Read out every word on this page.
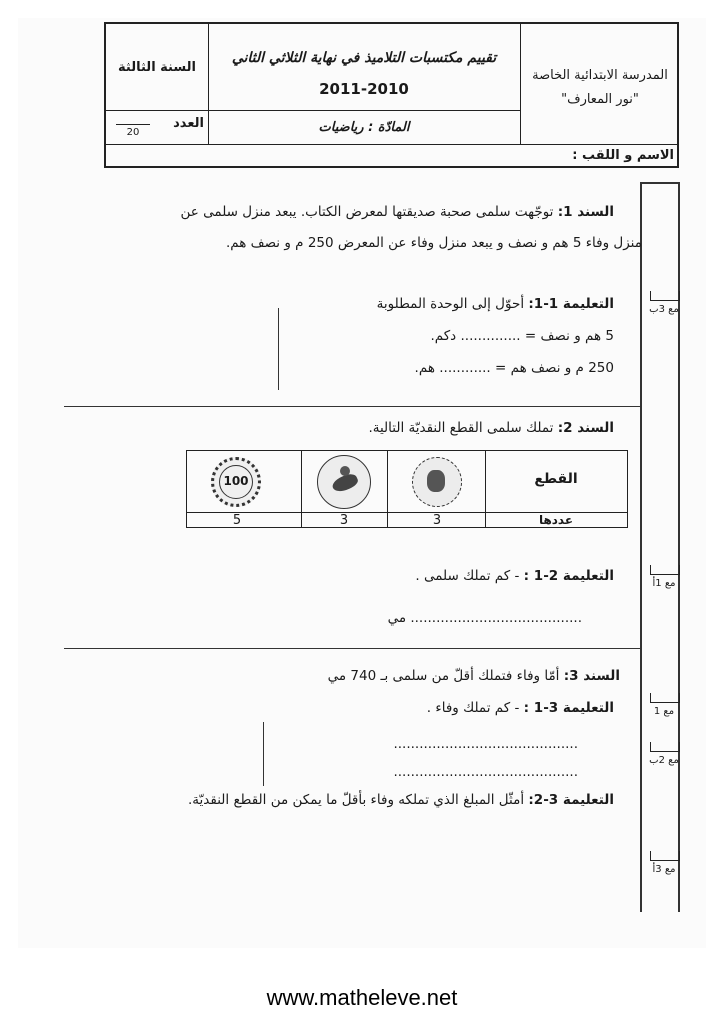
السنة الثالثة
تقييم مكتسبات التلاميذ في نهاية الثلاثي الثاني
2011-2010
المدرسة الابتدائية الخاصة
"نور المعارف"
العدد
20	المادّة : رياضيات
الاسم و اللقب :
مع 3ب
مع 1أ
مع 1
مع 2ب
مع 3أ
السند 1: توجّهت سلمى صحبة صديقتها لمعرض الكتاب. يبعد منزل سلمى عن
منزل وفاء 5 هم و نصف و يبعد منزل وفاء عن المعرض 250 م و نصف هم.
التعليمة 1-1: أحوّل إلى الوحدة المطلوبة
5 هم و نصف = .............. دكم.
250 م و نصف هم = ............ هم.
السند 2: تملك سلمى القطع النقديّة التالية.
100	القطع
عددها
3
3
5
التعليمة 2-1 : - كم تملك سلمى .
........................................ مي
السند 3: أمّا وفاء فتملك أقلّ من سلمى بـ 740 مي
التعليمة 3-1 : - كم تملك وفاء .
...........................................
...........................................
التعليمة 3-2: أمثّل المبلغ الذي تملكه وفاء بأقلّ ما يمكن من القطع النقديّة.
www.matheleve.net
